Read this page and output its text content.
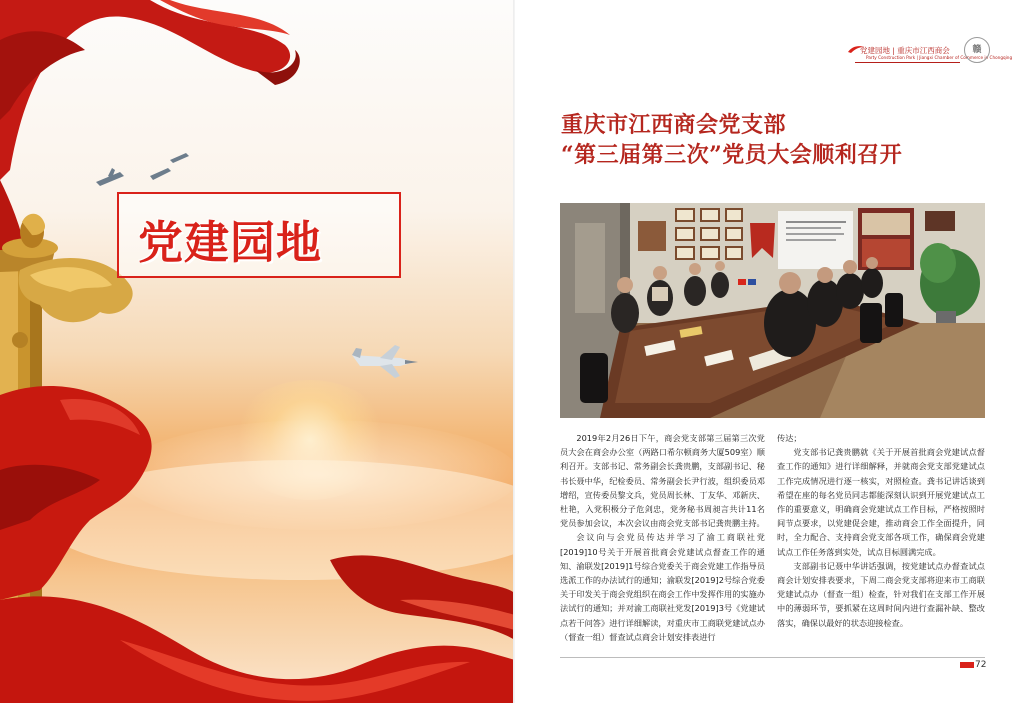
党建园地
党建园地 | 重庆市江西商会
Party Construction Park | Jiangxi Chamber of Commerce in Chongqing
赣
重庆市江西商会党支部
“第三届第三次”党员大会顺利召开

2019年2月26日下午，商会党支部第三届第三次党员大会在商会办公室（两路口希尔顿商务大厦509室）顺利召开。支部书记、常务副会长龚贵鹏，支部副书记、秘书长聂中华，纪检委员、常务副会长尹行波，组织委员邓增绍，宣传委员黎文兵，党员周长林、丁友华、邓新庆、杜艳，入党积极分子危剑忠，党务秘书周昶言共计11名党员参加会议，本次会议由商会党支部书记龚贵鹏主持。

会议向与会党员传达并学习了渝工商联社党[2019]10号关于开展首批商会党建试点督查工作的通知、渝联发[2019]1号综合党委关于商会党建工作指导员选派工作的办法试行的通知；渝联发[2019]2号综合党委关于印发关于商会党组织在商会工作中发挥作用的实施办法试行的通知；并对渝工商联社党发[2019]3号《党建试点若干问答》进行详细解读，对重庆市工商联党建试点办（督查一组）督查试点商会计划安排表进行

传达；

党支部书记龚贵鹏就《关于开展首批商会党建试点督查工作的通知》进行详细解释，并就商会党支部党建试点工作完成情况进行逐一核实，对照检查。龚书记讲话谈到希望在座的每名党员同志都能深刻认识到开展党建试点工作的重要意义，明确商会党建试点工作目标，严格按照时间节点要求，以党建促会建，推动商会工作全面提升，同时，全力配合、支持商会党支部各项工作，确保商会党建试点工作任务落到实处，试点目标圆满完成。

支部副书记聂中华讲话强调，按党建试点办督查试点商会计划安排表要求，下周二商会党支部将迎来市工商联党建试点办（督查一组）检查，针对我们在支部工作开展中的薄弱环节，要抓紧在这周时间内进行查漏补缺、整改落实，确保以最好的状态迎接检查。

72
